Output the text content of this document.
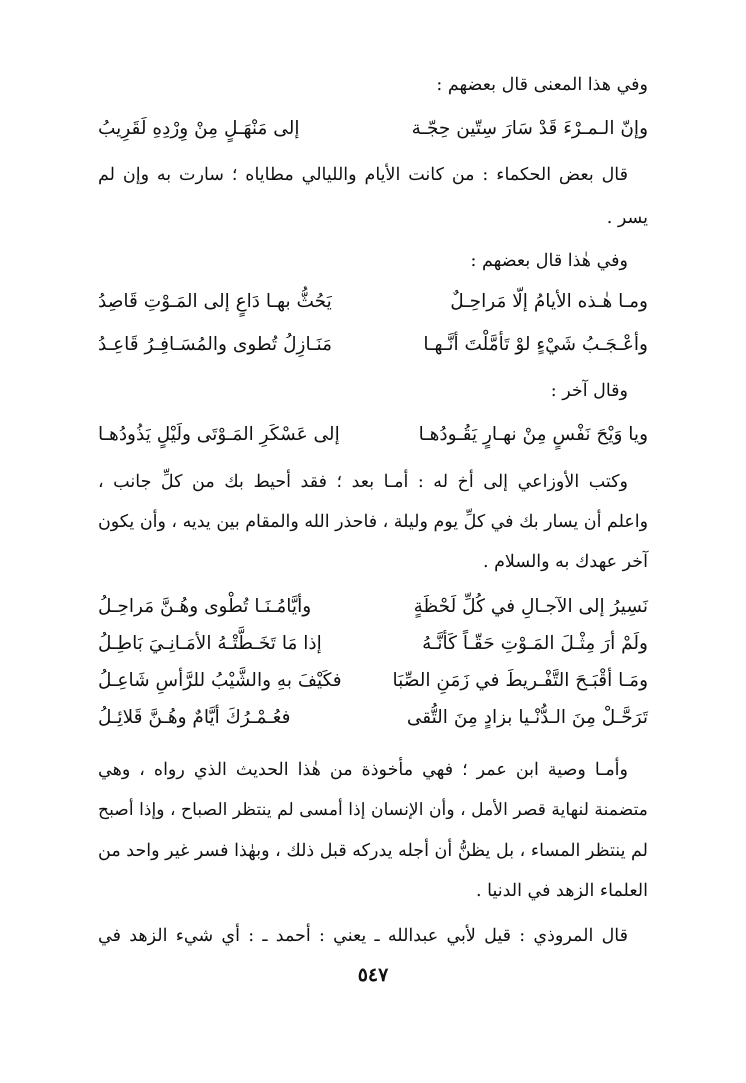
وفي هذا المعنى قال بعضهم :
وإنّ الـمـرْءَ قَدْ سَارَ سِتّين حِجّـة
إلى مَنْهَـلٍ مِنْ وِرْدِهِ لَقَرِيبُ
قال بعض الحكماء : من كانت الأيام والليالي مطاياه ؛ سارت به وإن لم
يسر .
وفي هٰذا قال بعضهم :
ومـا هٰـذه الأيامُ إلّا مَراحِـلٌ
يَحُثُّ بهـا دَاعٍ إلى المَـوْتِ قَاصِدُ
وأعْـجَـبُ شَيْءٍ لوْ تَأمَّلْتَ أنَّـهـا
مَنَـازِلُ تُطوى والمُسَـافِـرُ قَاعِـدُ
وقال آخر :
ويا وَيْحَ نَفْسٍ مِنْ نهـارٍ يَقُـودُهـا
إلى عَسْكَرِ المَـوْتَى ولَيْلٍ يَذُودُهـا
وكتب الأوزاعي إلى أخ له : أمـا بعد ؛ فقد أحيط بك من كلِّ جانب ،
واعلم أن يسار بك في كلِّ يوم وليلة ، فاحذر الله والمقام بين يديه ، وأن يكون
آخر عهدك به والسلام .
نَسِيرُ إلى الآجـالِ في كُلِّ لَحْظَةٍ
وأيَّامُـنَـا تُطْوى وهُـنَّ مَراحِـلُ
ولَمْ أرَ مِثْـلَ المَـوْتِ حَقّـاً كَأنَّـهُ
إذا مَا تَخَـطَّتْـهُ الأمَـانِـيَ بَاطِـلُ
ومَـا أقْبَـحَ التَّفْـريطَ في زَمَنِ الصِّبَا
فكَيْفَ بهِ والشَّيْبُ للرَّأسِ شَاعِـلُ
تَرَحَّـلْ مِنَ الـدُّنْـيا بزادٍ مِنَ التُّقى
فعُـمْـرُكَ أيَّامٌ وهُـنَّ قَلائِـلُ
وأمـا وصية ابن عمر ؛ فهي مأخوذة من هٰذا الحديث الذي رواه ، وهي
متضمنة لنهاية قصر الأمل ، وأن الإنسان إذا أمسى لم ينتظر الصباح ، وإذا أصبح
لم ينتظر المساء ، بل يظنُّ أن أجله يدركه قبل ذلك ، وبهٰذا فسر غير واحد من
العلماء الزهد في الدنيا .
قال المروذي : قيل لأبي عبدالله ـ يعني : أحمد ـ : أي شيء الزهد في
٥٤٧
